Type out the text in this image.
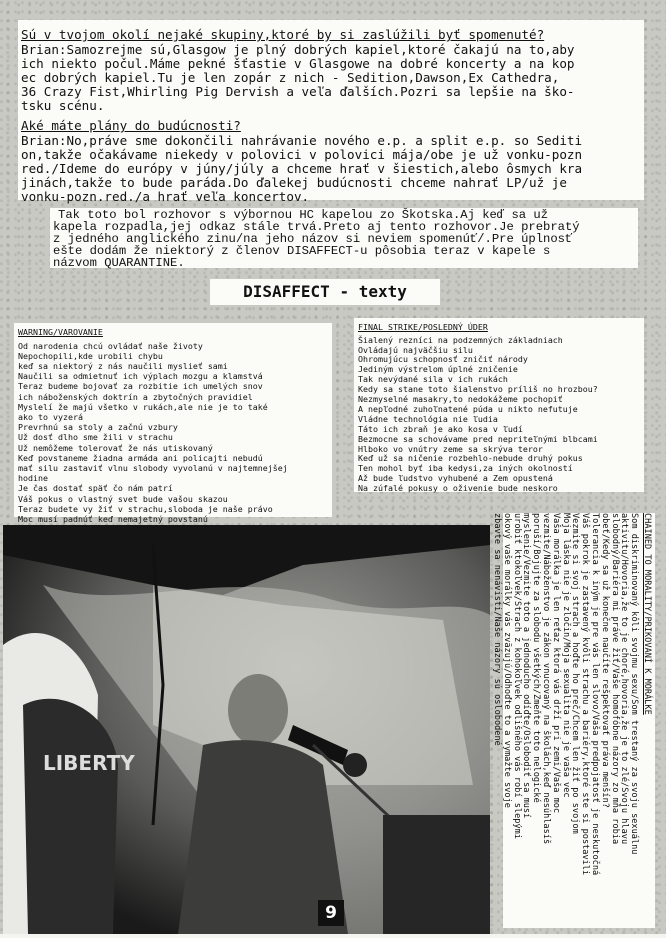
Sú v tvojom okolí nejaké skupiny,ktoré by si zaslúžili byť spomenuté?
Brian:Samozrejme sú,Glasgow je plný dobrých kapiel,ktoré čakajú na to,aby
ich niekto počul.Máme pekné šťastie v Glasgowe na dobré koncerty a na kop
ec dobrých kapiel.Tu je len zopár z nich - Sedition,Dawson,Ex Cathedra,
36 Crazy Fist,Whirling Pig Dervish a veľa ďalších.Pozri sa lepšie na ško-
tsku scénu.
Aké máte plány do budúcnosti?
Brian:No,práve sme dokončili nahrávanie nového e.p. a split e.p. so Sediti
on,takže očakávame niekedy v polovici v polovici mája/obe je už vonku-pozn
red./Ideme do európy v júny/júly a chceme hrať v šiestich,alebo ôsmych kra
jinách,takže to bude paráda.Do ďalekej budúcnosti chceme nahrať LP/už je
vonku-pozn.red./a hrať veľa koncertov.
Tak toto bol rozhovor s výbornou HC kapelou zo Škotska.Aj keď sa už
kapela rozpadla,jej odkaz stále trvá.Preto aj tento rozhovor.Je prebratý
z jedného anglického zinu/na jeho názov si neviem spomenúť/.Pre úplnosť
ešte dodám že niektorý z členov DISAFFECT-u pôsobia teraz v kapele s
názvom QUARANTINE.
DISAFFECT - texty
WARNING/VAROVANIE
Od narodenia chcú ovládať naše životy
Nepochopili,kde urobili chybu
keď sa niektorý z nás naučili myslieť sami
Naučili sa odmietnuť ich výplach mozgu a klamstvá
Teraz budeme bojovať za rozbitie ich umelých snov
ich náboženských doktrín a zbytočných pravidiel
Myslelí že majú všetko v rukách,ale nie je to také
ako to vyzerá
Prevrhnú sa stoly a začnú vzbury
Už dosť dlho sme žili v strachu
Už nemôžeme tolerovať že nás utiskovaný
Keď povstaneme žiadna armáda ani policajti nebudú
mať silu zastaviť vlnu slobody vyvolanú v najtemnejšej
hodine
Je čas dostať späť čo nám patrí
Váš pokus o vlastný svet bude vašou skazou
Teraz budete vy žiť v strachu,sloboda je naše právo
Moc musí padnúť keď nemajetný povstanú
FINAL STRIKE/POSLEDNÝ ÚDER
Šialený rezníci na podzemných základniach
Ovládajú najväčšiu silu
Ohromujúcu schopnosť zničiť národy
Jediným výstrelom úplné zničenie
Tak nevýdané sila v ich rukách
Kedy sa stane toto šialenstvo príliš no hrozbou?
Nezmyselné masakry,to nedokážeme pochopiť
A nepľodné zuhoľnatené púda u nikto nefutuje
Vládne technológia nie ľudia
Táto ich zbraň je ako kosa v ľudí
Bezmocne sa schovávame pred nepriteľnými blbcami
Hlboko vo vnútry zeme sa skrýva teror
Keď už sa ničenie rozbehlo-nebude druhý pokus
Ten mohol byť iba kedysi,za iných okolností
Až bude ľudstvo vyhubené a Zem opustená
Na zúfalé pokusy o oživenie bude neskoro
LIBERTY
CHAINED TO MORALITY/PRIKOVANÍ K MORÁLKE
Som diskriminovaný kôli svojmu sexu/Som trestaný za svoju sexuálnu
aktivitu/Hovoria,že to je choré,hovoria,že je to zlé/Svoju hlavu
slobodný/Bariéra mi práve žiť/Vaše homofóbne názory zo mňa robia
obeť/Kedy sa už konečne naučíte rešpektovať práva menšín?
Tolerancia k iným je pre vás len slovo/Vaša predpojatosť je neskutočná
Váš pokrok je zastavený kvôli strachu a bariéry,ktoré ste si postavili
Vezmite si svoj strach a hoďte ho preč/Chcem len žiť po svojom
Moja láska nie je zločin/Moja sexualita nie je vaša vec
Vaša morálka je len reťaz ktorá vás drží pri zemi/Vaša moc
vezmite/Náboženstvo je zákon vnucovaný na školách,keď nesúhlasíš
poruší/Bojujte za slobodu všetkých/Zmeňte toto nelogické
myslenie/Vezmite toto a jednoducho odíďte/Oslobodiť sa musí
urobiť ktokoľvek/Strach z kohokoľvek odlišného vás robí slepými
okový vaše morálky vás zväzujú/Odhoďte to a vymažte svoje
zbavte sa nenávisti/Naše názory sú oslobodené
9
